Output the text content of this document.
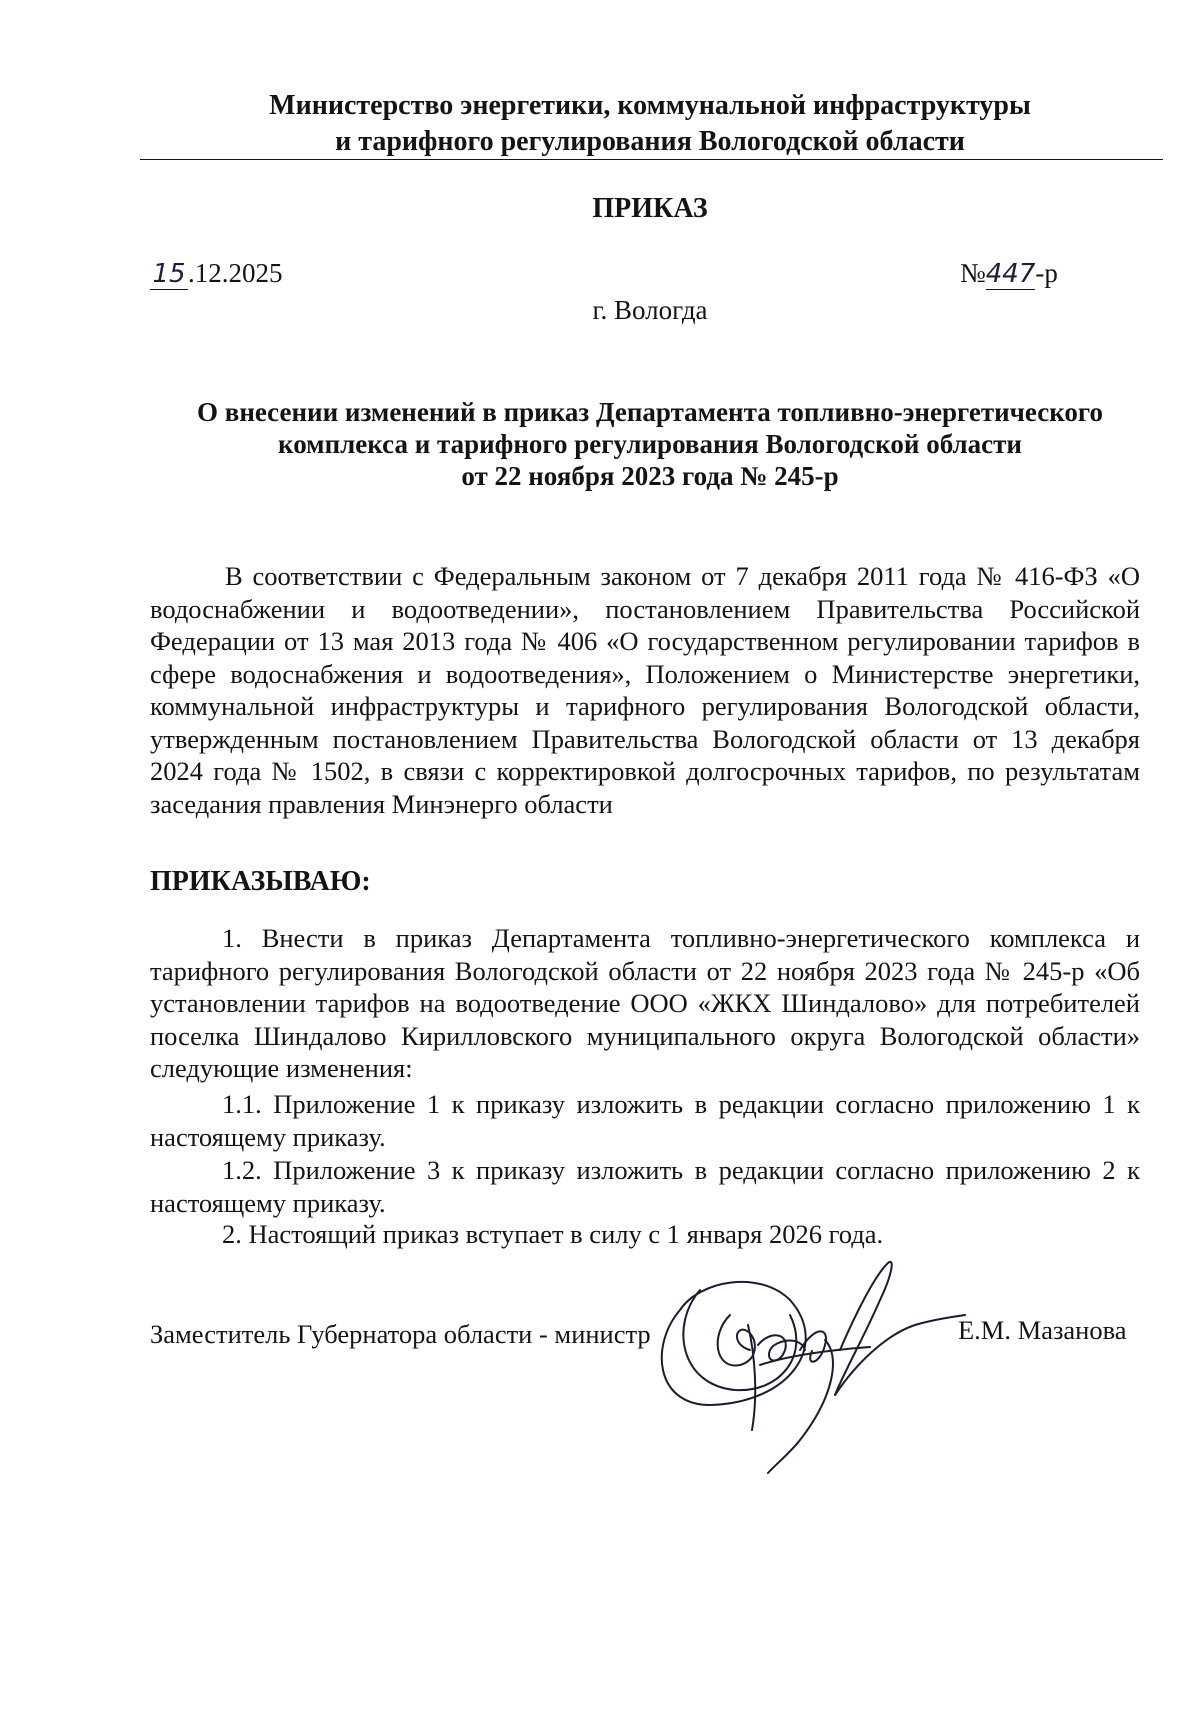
Министерство энергетики, коммунальной инфраструктуры
и тарифного регулирования Вологодской области
ПРИКАЗ
15.12.2025	№447-р
г. Вологда
О внесении изменений в приказ Департамента топливно-энергетического
комплекса и тарифного регулирования Вологодской области
от 22 ноября 2023 года № 245-р

В соответствии с Федеральным законом от 7 декабря 2011 года № 416-ФЗ «О водоснабжении и водоотведении», постановлением Правительства Российской Федерации от 13 мая 2013 года № 406 «О государственном регулировании тарифов в сфере водоснабжения и водоотведения», Положением о Министерстве энергетики, коммунальной инфраструктуры и тарифного регулирования Вологодской области, утвержденным постановлением Правительства Вологодской области от 13 декабря 2024 года № 1502, в связи с корректировкой долгосрочных тарифов, по результатам заседания правления Минэнерго области

ПРИКАЗЫВАЮ:

1. Внести в приказ Департамента топливно-энергетического комплекса и тарифного регулирования Вологодской области от 22 ноября 2023 года № 245-р «Об установлении тарифов на водоотведение ООО «ЖКХ Шиндалово» для потребителей поселка Шиндалово Кирилловского муниципального округа Вологодской области» следующие изменения:

1.1. Приложение 1 к приказу изложить в редакции согласно приложению 1 к настоящему приказу.

1.2. Приложение 3 к приказу изложить в редакции согласно приложению 2 к настоящему приказу.

2. Настоящий приказ вступает в силу с 1 января 2026 года.

Заместитель Губернатора области - министр	Е.М. Мазанова
